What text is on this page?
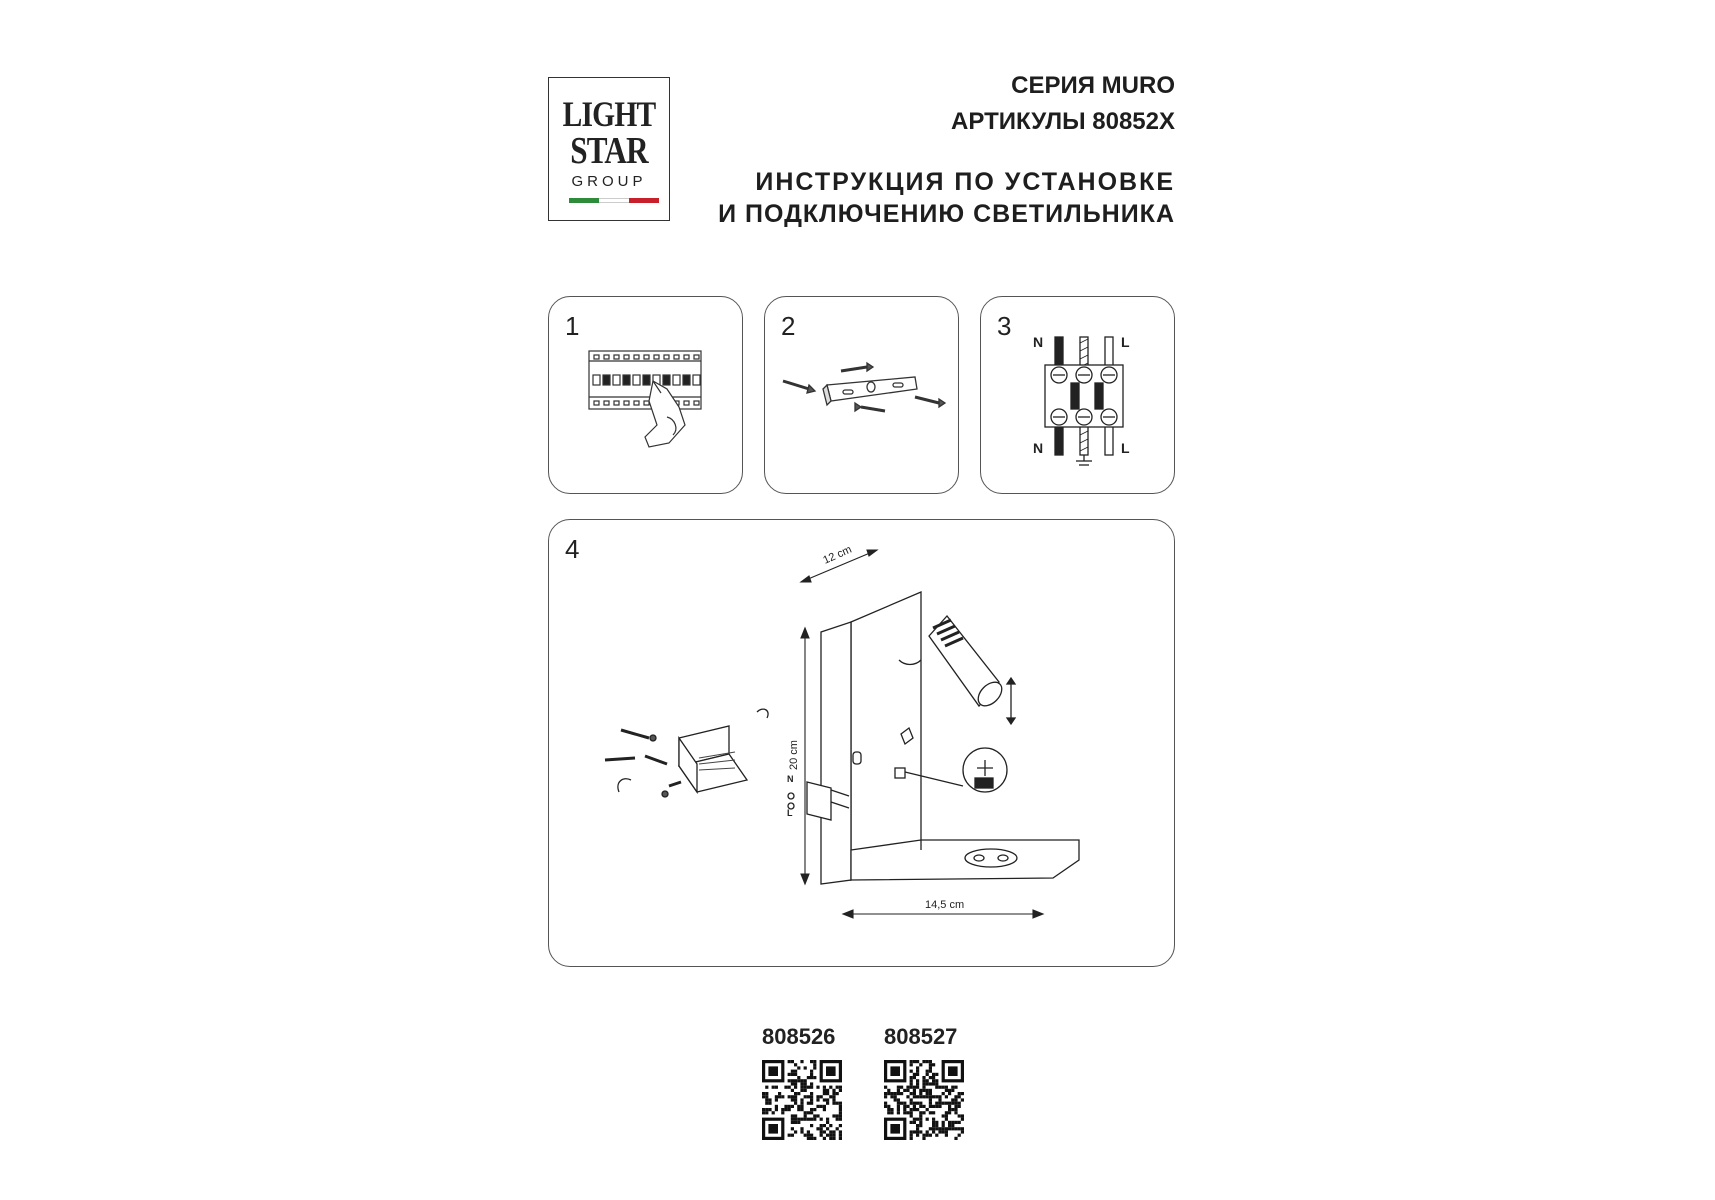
LIGHT
STAR
GROUP
СЕРИЯ MURO
АРТИКУЛЫ 80852X
ИНСТРУКЦИЯ ПО УСТАНОВКЕ
И ПОДКЛЮЧЕНИЮ СВЕТИЛЬНИКА
1	2	3
N	L
N	L
4	12 cm
20 cm
14,5 cm
N
L
808526 808527
